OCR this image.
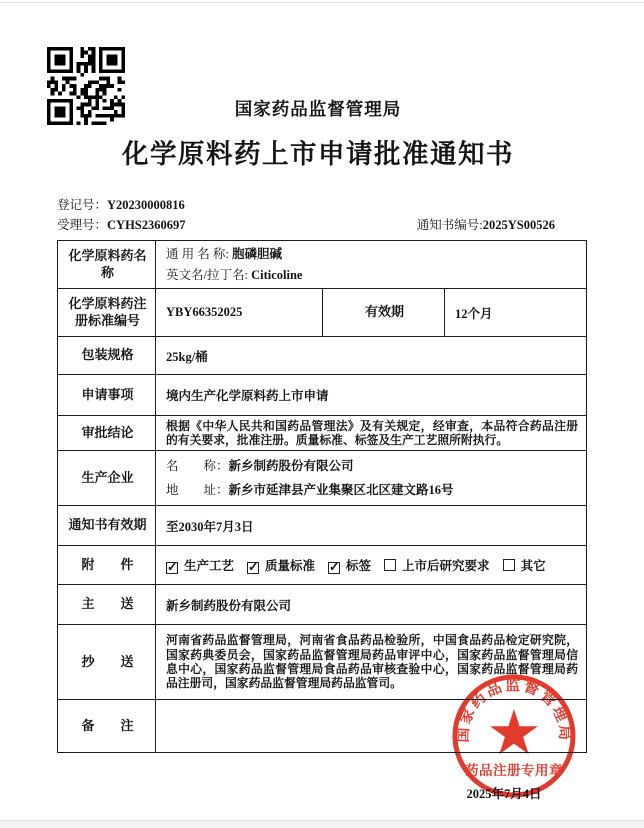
国家药品监督管理局
化学原料药上市申请批准通知书
登记号：Y20230000816
受理号：CYHS2360697	通知书编号:2025YS00526
化学原料药名称	通 用 名 称: 胞磷胆碱
英文名/拉丁名: Citicoline		

化学原料药注册标准编号	YBY66352025	有效期	12个月
包装规格	25kg/桶		
申请事项	境内生产化学原料药上市申请		
审批结论	根据《中华人民共和国药品管理法》及有关规定，经审查，本品符合药品注册的有关要求，批准注册。质量标准、标签及生产工艺照所附执行。		
生产企业	名　　称：新乡制药股份有限公司
地　　址：新乡市延津县产业集聚区北区建文路16号		

通知书有效期	至2030年7月3日		
附　　件	✓ 生产工艺 ✓ 质量标准 ✓ 标签 上市后研究要求 其它		
主　　送	新乡制药股份有限公司		
抄　　送	河南省药品监督管理局，河南省食品药品检验所，中国食品药品检定研究院，国家药典委员会，国家药品监督管理局药品审评中心，国家药品监督管理局信息中心，国家药品监督管理局食品药品审核查验中心，国家药品监督管理局药品注册司，国家药品监督管理局药品监管司。		
备　　注			
2025年7月4日
国家药品监督管理局
药品注册专用章
